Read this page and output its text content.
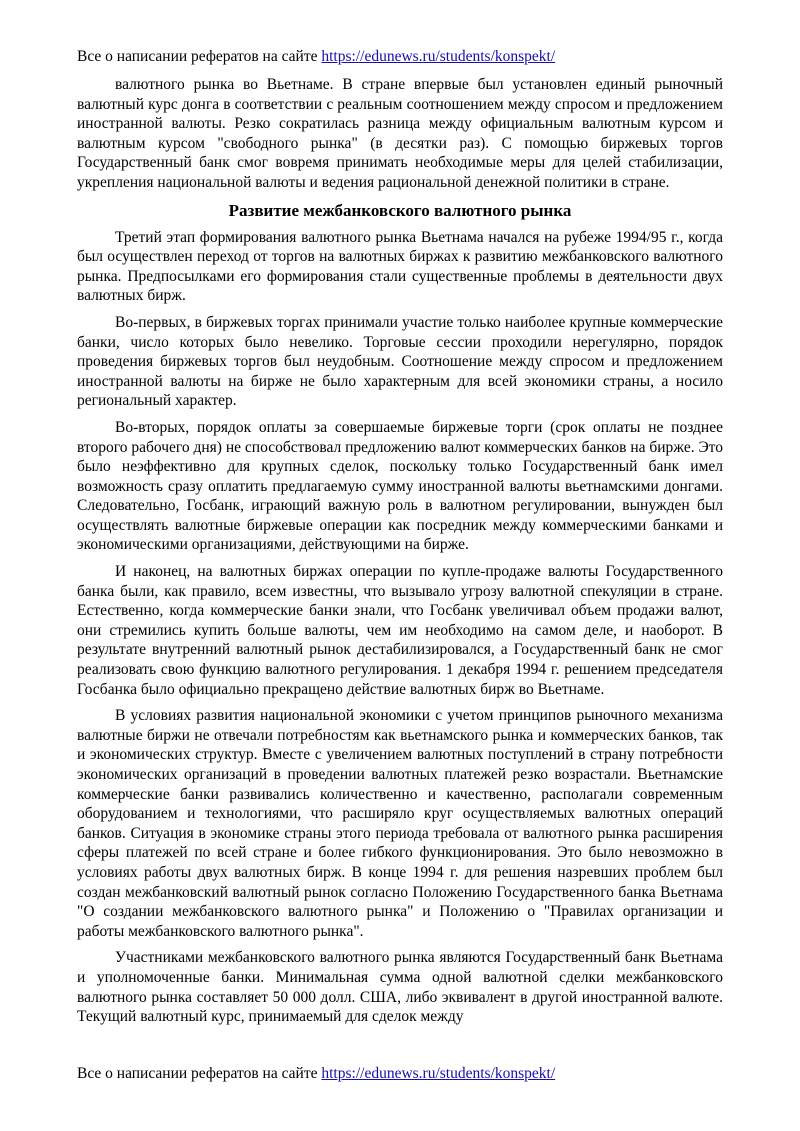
Все о написании рефератов на сайте https://edunews.ru/students/konspekt/

валютного рынка во Вьетнаме. В стране впервые был установлен единый рыночный валютный курс донга в соответствии с реальным соотношением между спросом и предложением иностранной валюты. Резко сократилась разница между официальным валютным курсом и валютным курсом "свободного рынка" (в десятки раз). С помощью биржевых торгов Государственный банк смог вовремя принимать необходимые меры для целей стабилизации, укрепления национальной валюты и ведения рациональной денежной политики в стране.

Развитие межбанковского валютного рынка

Третий этап формирования валютного рынка Вьетнама начался на рубеже 1994/95 г., когда был осуществлен переход от торгов на валютных биржах к развитию межбанковского валютного рынка. Предпосылками его формирования стали существенные проблемы в деятельности двух валютных бирж.

Во-первых, в биржевых торгах принимали участие только наиболее крупные коммерческие банки, число которых было невелико. Торговые сессии проходили нерегулярно, порядок проведения биржевых торгов был неудобным. Соотношение между спросом и предложением иностранной валюты на бирже не было характерным для всей экономики страны, а носило региональный характер.

Во-вторых, порядок оплаты за совершаемые биржевые торги (срок оплаты не позднее второго рабочего дня) не способствовал предложению валют коммерческих банков на бирже. Это было неэффективно для крупных сделок, поскольку только Государственный банк имел возможность сразу оплатить предлагаемую сумму иностранной валюты вьетнамскими донгами. Следовательно, Госбанк, играющий важную роль в валютном регулировании, вынужден был осуществлять валютные биржевые операции как посредник между коммерческими банками и экономическими организациями, действующими на бирже.

И наконец, на валютных биржах операции по купле-продаже валюты Государственного банка были, как правило, всем известны, что вызывало угрозу валютной спекуляции в стране. Естественно, когда коммерческие банки знали, что Госбанк увеличивал объем продажи валют, они стремились купить больше валюты, чем им необходимо на самом деле, и наоборот. В результате внутренний валютный рынок дестабилизировался, а Государственный банк не смог реализовать свою функцию валютного регулирования. 1 декабря 1994 г. решением председателя Госбанка было официально прекращено действие валютных бирж во Вьетнаме.

В условиях развития национальной экономики с учетом принципов рыночного механизма валютные биржи не отвечали потребностям как вьетнамского рынка и коммерческих банков, так и экономических структур. Вместе с увеличением валютных поступлений в страну потребности экономических организаций в проведении валютных платежей резко возрастали. Вьетнамские коммерческие банки развивались количественно и качественно, располагали современным оборудованием и технологиями, что расширяло круг осуществляемых валютных операций банков. Ситуация в экономике страны этого периода требовала от валютного рынка расширения сферы платежей по всей стране и более гибкого функционирования. Это было невозможно в условиях работы двух валютных бирж. В конце 1994 г. для решения назревших проблем был создан межбанковский валютный рынок согласно Положению Государственного банка Вьетнама "О создании межбанковского валютного рынка" и Положению о "Правилах организации и работы межбанковского валютного рынка".

Участниками межбанковского валютного рынка являются Государственный банк Вьетнама и уполномоченные банки. Минимальная сумма одной валютной сделки межбанковского валютного рынка составляет 50 000 долл. США, либо эквивалент в другой иностранной валюте. Текущий валютный курс, принимаемый для сделок между

Все о написании рефератов на сайте https://edunews.ru/students/konspekt/
